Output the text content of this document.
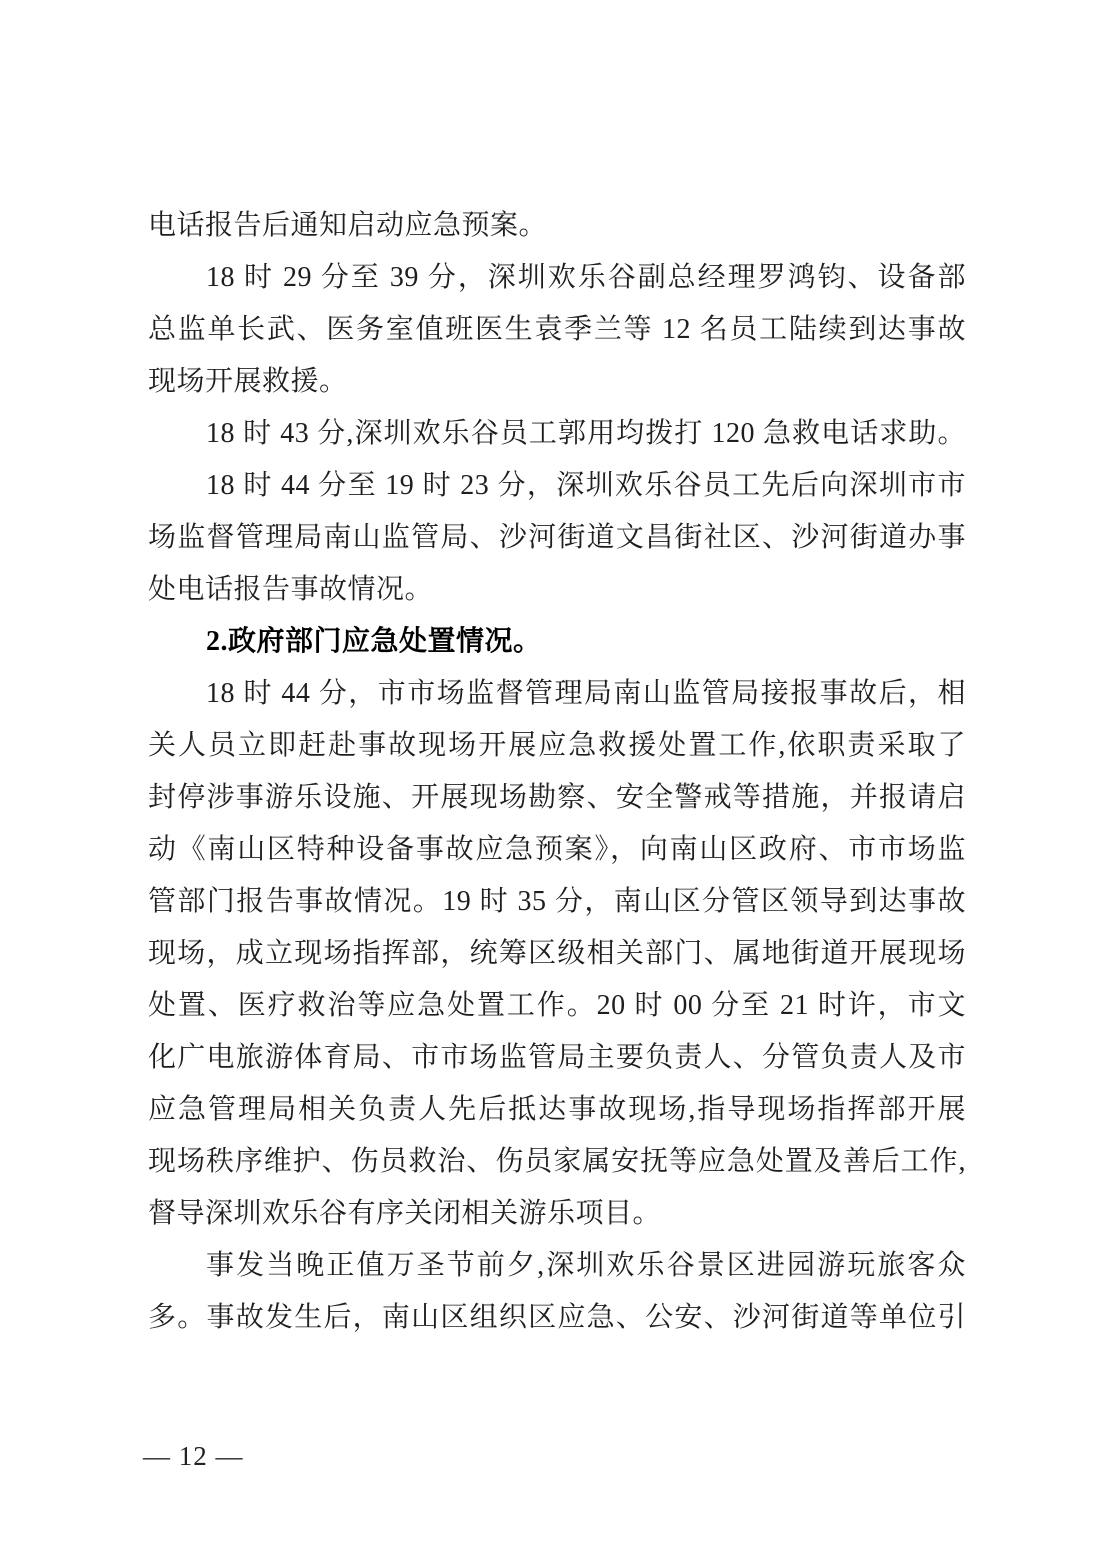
电话报告后通知启动应急预案。
18 时 29 分至 39 分，深圳欢乐谷副总经理罗鸿钧、设备部
总监单长武、医务室值班医生袁季兰等 12 名员工陆续到达事故
现场开展救援。
18 时 43 分,深圳欢乐谷员工郭用均拨打 120 急救电话求助。
18 时 44 分至 19 时 23 分，深圳欢乐谷员工先后向深圳市市
场监督管理局南山监管局、沙河街道文昌街社区、沙河街道办事
处电话报告事故情况。
2.政府部门应急处置情况。
18 时 44 分，市市场监督管理局南山监管局接报事故后，相
关人员立即赶赴事故现场开展应急救援处置工作,依职责采取了
封停涉事游乐设施、开展现场勘察、安全警戒等措施，并报请启
动《南山区特种设备事故应急预案》，向南山区政府、市市场监
管部门报告事故情况。19 时 35 分，南山区分管区领导到达事故
现场，成立现场指挥部，统筹区级相关部门、属地街道开展现场
处置、医疗救治等应急处置工作。20 时 00 分至 21 时许，市文
化广电旅游体育局、市市场监管局主要负责人、分管负责人及市
应急管理局相关负责人先后抵达事故现场,指导现场指挥部开展
现场秩序维护、伤员救治、伤员家属安抚等应急处置及善后工作,
督导深圳欢乐谷有序关闭相关游乐项目。
事发当晚正值万圣节前夕,深圳欢乐谷景区进园游玩旅客众
多。事故发生后，南山区组织区应急、公安、沙河街道等单位引
— 12 —
